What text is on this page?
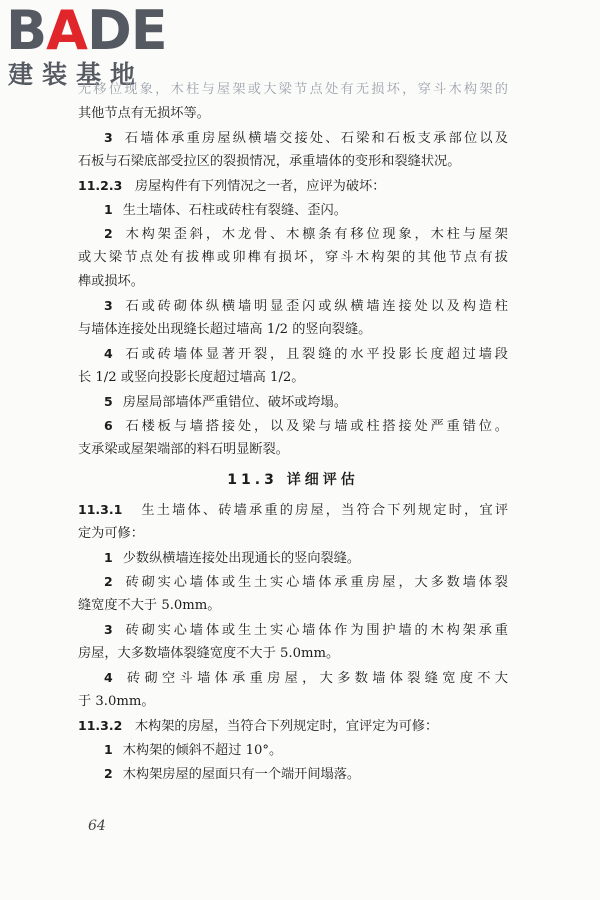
BADE
建装基地
无移位现象，木柱与屋架或大梁节点处有无损坏，穿斗木构架的
其他节点有无损坏等。
3 石墙体承重房屋纵横墙交接处、石梁和石板支承部位以及
石板与石梁底部受拉区的裂损情况，承重墙体的变形和裂缝状况。
11.2.3 房屋构件有下列情况之一者，应评为破坏：
1 生土墙体、石柱或砖柱有裂缝、歪闪。
2 木构架歪斜，木龙骨、木檩条有移位现象，木柱与屋架
或大梁节点处有拔榫或卯榫有损坏，穿斗木构架的其他节点有拔
榫或损坏。
3 石或砖砌体纵横墙明显歪闪或纵横墙连接处以及构造柱
与墙体连接处出现缝长超过墙高 1/2 的竖向裂缝。
4 石或砖墙体显著开裂，且裂缝的水平投影长度超过墙段
长 1/2 或竖向投影长度超过墙高 1/2。
5 房屋局部墙体严重错位、破坏或垮塌。
6 石楼板与墙搭接处，以及梁与墙或柱搭接处严重错位。
支承梁或屋架端部的料石明显断裂。
11.3 详细评估
11.3.1 生土墙体、砖墙承重的房屋，当符合下列规定时，宜评
定为可修：
1 少数纵横墙连接处出现通长的竖向裂缝。
2 砖砌实心墙体或生土实心墙体承重房屋，大多数墙体裂
缝宽度不大于 5.0mm。
3 砖砌实心墙体或生土实心墙体作为围护墙的木构架承重
房屋，大多数墙体裂缝宽度不大于 5.0mm。
4 砖砌空斗墙体承重房屋，大多数墙体裂缝宽度不大
于 3.0mm。
11.3.2 木构架的房屋，当符合下列规定时，宜评定为可修：
1 木构架的倾斜不超过 10°。
2 木构架房屋的屋面只有一个端开间塌落。
64
